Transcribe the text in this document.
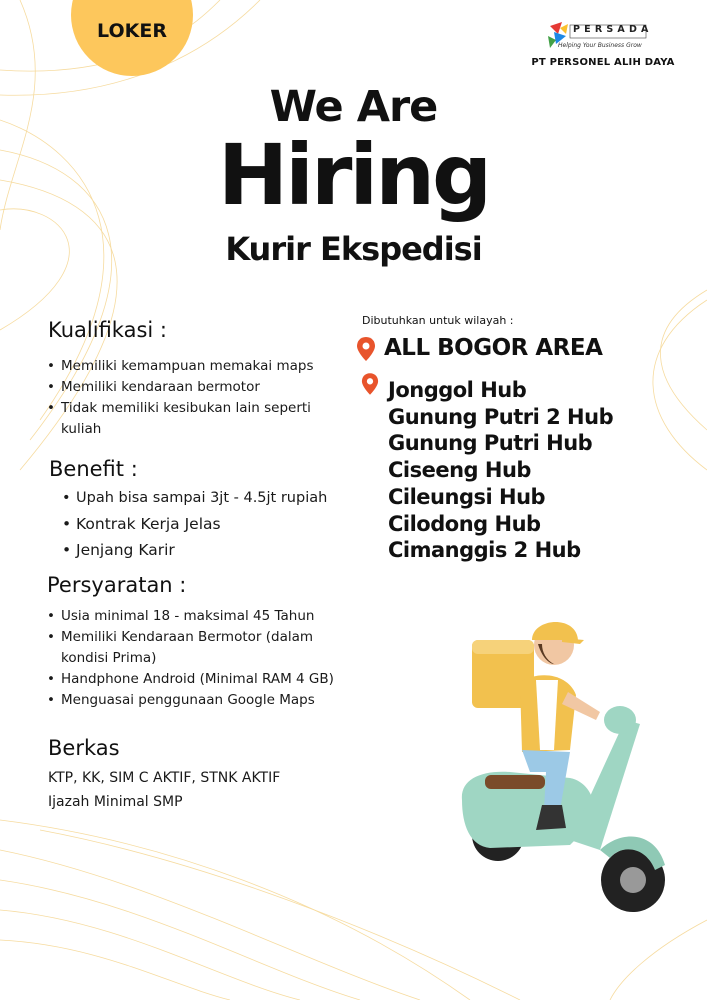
LOKER	PERSADA
Helping Your Business Grow
PT PERSONEL ALIH DAYA
We Are
Hiring
Kurir Ekspedisi
Kualifikasi :
• Memiliki kemampuan memakai maps
• Memiliki kendaraan bermotor
• Tidak memiliki kesibukan lain seperti kuliah
Benefit :
• Upah bisa sampai 3jt - 4.5jt rupiah
• Kontrak Kerja Jelas
• Jenjang Karir
Persyaratan :
• Usia minimal 18 - maksimal 45 Tahun
• Memiliki Kendaraan Bermotor (dalam kondisi Prima)
• Handphone Android (Minimal RAM 4 GB)
• Menguasai penggunaan Google Maps
Berkas
KTP, KK, SIM C AKTIF, STNK AKTIF
Ijazah Minimal SMP
Dibutuhkan untuk wilayah :
ALL BOGOR AREA
Jonggol Hub
Gunung Putri 2 Hub
Gunung Putri Hub
Ciseeng Hub
Cileungsi Hub
Cilodong Hub
Cimanggis 2 Hub
